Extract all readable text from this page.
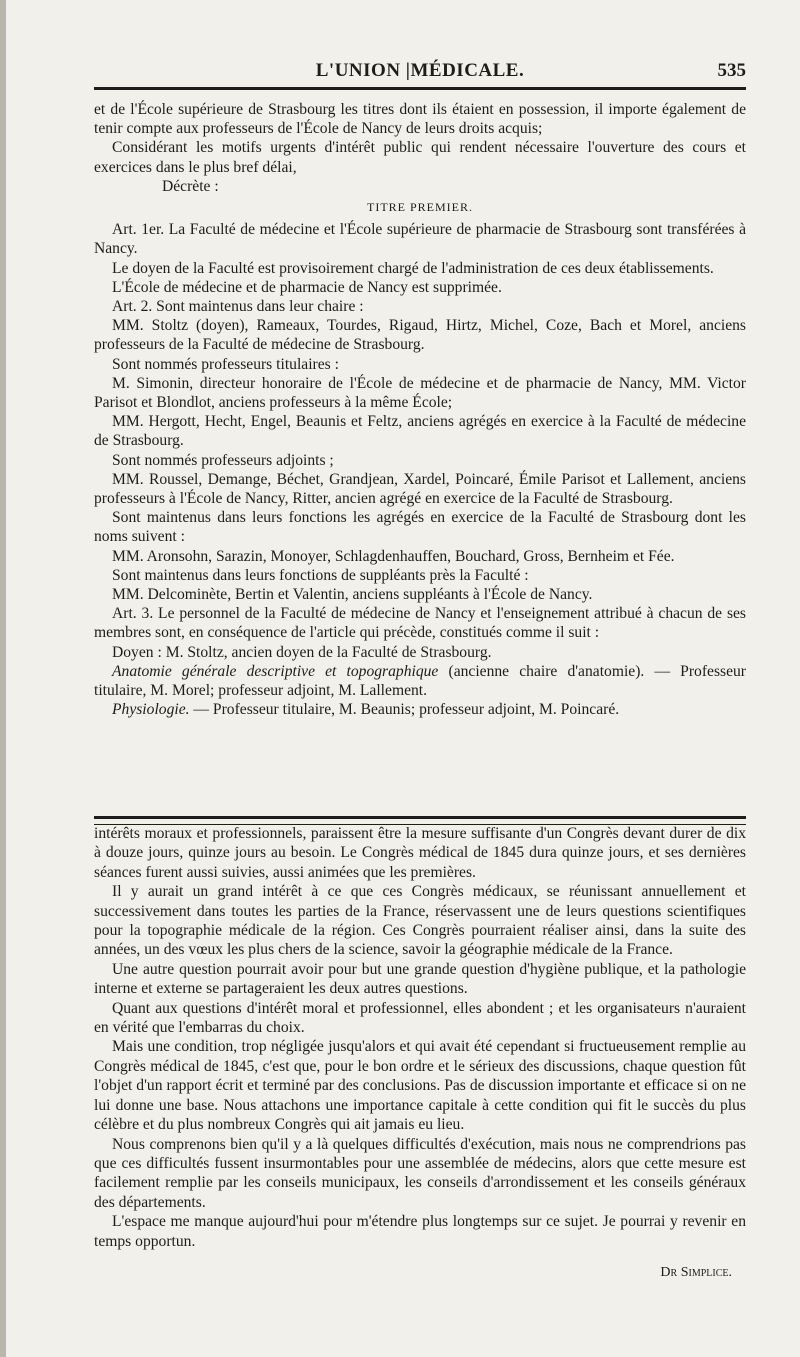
L'UNION |MÉDICALE.	535

et de l'École supérieure de Strasbourg les titres dont ils étaient en possession, il importe également de tenir compte aux professeurs de l'École de Nancy de leurs droits acquis;

Considérant les motifs urgents d'intérêt public qui rendent nécessaire l'ouverture des cours et exercices dans le plus bref délai,

Décrète :

TITRE PREMIER.

Art. 1er. La Faculté de médecine et l'École supérieure de pharmacie de Strasbourg sont transférées à Nancy.

Le doyen de la Faculté est provisoirement chargé de l'administration de ces deux établissements.

L'École de médecine et de pharmacie de Nancy est supprimée.

Art. 2. Sont maintenus dans leur chaire :

MM. Stoltz (doyen), Rameaux, Tourdes, Rigaud, Hirtz, Michel, Coze, Bach et Morel, anciens professeurs de la Faculté de médecine de Strasbourg.

Sont nommés professeurs titulaires :

M. Simonin, directeur honoraire de l'École de médecine et de pharmacie de Nancy, MM. Victor Parisot et Blondlot, anciens professeurs à la même École;

MM. Hergott, Hecht, Engel, Beaunis et Feltz, anciens agrégés en exercice à la Faculté de médecine de Strasbourg.

Sont nommés professeurs adjoints ;

MM. Roussel, Demange, Béchet, Grandjean, Xardel, Poincaré, Émile Parisot et Lallement, anciens professeurs à l'École de Nancy, Ritter, ancien agrégé en exercice de la Faculté de Strasbourg.

Sont maintenus dans leurs fonctions les agrégés en exercice de la Faculté de Strasbourg dont les noms suivent :

MM. Aronsohn, Sarazin, Monoyer, Schlagdenhauffen, Bouchard, Gross, Bernheim et Fée.

Sont maintenus dans leurs fonctions de suppléants près la Faculté :

MM. Delcominète, Bertin et Valentin, anciens suppléants à l'École de Nancy.

Art. 3. Le personnel de la Faculté de médecine de Nancy et l'enseignement attribué à chacun de ses membres sont, en conséquence de l'article qui précède, constitués comme il suit :

Doyen : M. Stoltz, ancien doyen de la Faculté de Strasbourg.

Anatomie générale descriptive et topographique (ancienne chaire d'anatomie). — Professeur titulaire, M. Morel; professeur adjoint, M. Lallement.

Physiologie. — Professeur titulaire, M. Beaunis; professeur adjoint, M. Poincaré.

intérêts moraux et professionnels, paraissent être la mesure suffisante d'un Congrès devant durer de dix à douze jours, quinze jours au besoin. Le Congrès médical de 1845 dura quinze jours, et ses dernières séances furent aussi suivies, aussi animées que les premières.

Il y aurait un grand intérêt à ce que ces Congrès médicaux, se réunissant annuellement et successivement dans toutes les parties de la France, réservassent une de leurs questions scientifiques pour la topographie médicale de la région. Ces Congrès pourraient réaliser ainsi, dans la suite des années, un des vœux les plus chers de la science, savoir la géographie médicale de la France.

Une autre question pourrait avoir pour but une grande question d'hygiène publique, et la pathologie interne et externe se partageraient les deux autres questions.

Quant aux questions d'intérêt moral et professionnel, elles abondent ; et les organisateurs n'auraient en vérité que l'embarras du choix.

Mais une condition, trop négligée jusqu'alors et qui avait été cependant si fructueusement remplie au Congrès médical de 1845, c'est que, pour le bon ordre et le sérieux des discussions, chaque question fût l'objet d'un rapport écrit et terminé par des conclusions. Pas de discussion importante et efficace si on ne lui donne une base. Nous attachons une importance capitale à cette condition qui fit le succès du plus célèbre et du plus nombreux Congrès qui ait jamais eu lieu.

Nous comprenons bien qu'il y a là quelques difficultés d'exécution, mais nous ne comprendrions pas que ces difficultés fussent insurmontables pour une assemblée de médecins, alors que cette mesure est facilement remplie par les conseils municipaux, les conseils d'arrondissement et les conseils généraux des départements.

L'espace me manque aujourd'hui pour m'étendre plus longtemps sur ce sujet. Je pourrai y revenir en temps opportun.

Dr Simplice.
